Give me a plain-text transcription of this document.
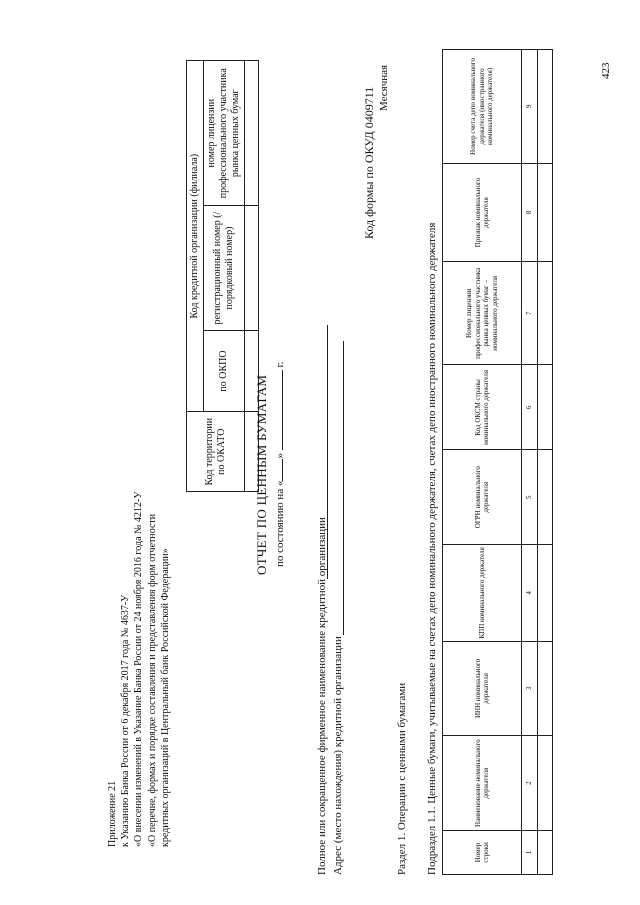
Приложение 21 к Указанию Банка России от 6 декабря 2017 года № 4637-У «О внесении изменений в Указание Банка России от 24 ноября 2016 года № 4212-У «О перечне, формах и порядке составления и представления форм отчетности кредитных организаций в Центральный банк Российской Федерации»
Код территории по ОКАТО	Код кредитной организации (филиала)		
	по ОКПО	регистрационный номер (/порядковый номер)	номер лицензии профессионального участника рынка ценных бумаг

ОТЧЕТ ПО ЦЕННЫМ БУМАГАМ по состоянию на «»  г.
Полное или сокращенное фирменное наименование кредитной организации Адрес (место нахождения) кредитной организации
Код формы по ОКУД 0409711 Месячная
Раздел 1. Операции с ценными бумагами Подраздел 1.1. Ценные бумаги, учитываемые на счетах депо номинального держателя, счетах депо иностранного номинального держателя	Номер строки	Наименование номинального держателя	ИНН номинального держателя	КПП номинального держателя	ОГРН номинального держателя	Код ОКСМ страны номинального держателя	Номер лицензии профессионального участника рынка ценных бумаг – номинального держателя	Признак номинального держателя	Номер счета депо номинального держателя (иностранного номинального держателя)
1	2	3	4	5	6	7	8	9

423
